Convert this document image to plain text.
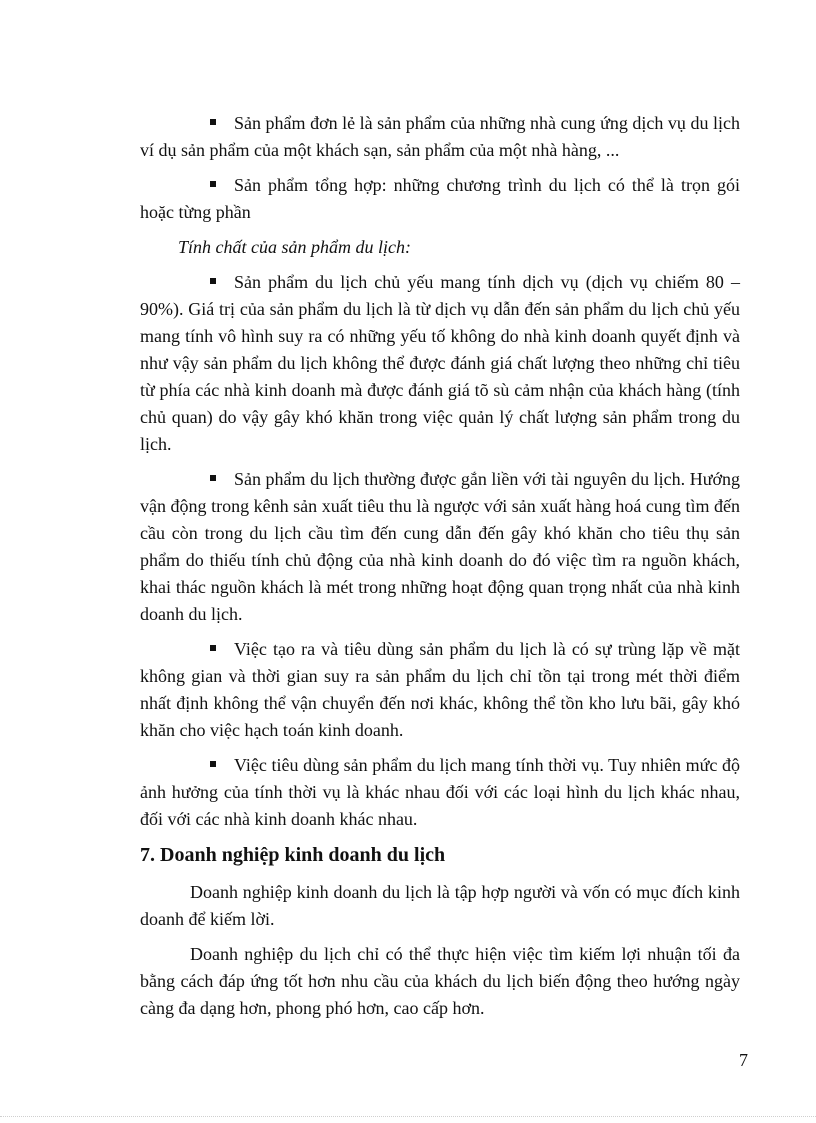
Sản phẩm đơn lẻ là sản phẩm của những nhà cung ứng dịch vụ du lịch ví dụ sản phẩm của một khách sạn, sản phẩm của một nhà hàng, ...

Sản phẩm tổng hợp: những chương trình du lịch có thể là trọn gói hoặc từng phần

Tính chất của sản phẩm du lịch:

Sản phẩm du lịch chủ yếu mang tính dịch vụ (dịch vụ chiếm 80 – 90%). Giá trị của sản phẩm du lịch là từ dịch vụ dẫn đến sản phẩm du lịch chủ yếu mang tính vô hình suy ra có những yếu tố không do nhà kinh doanh quyết định và như vậy sản phẩm du lịch không thể được đánh giá chất lượng theo những chỉ tiêu từ phía các nhà kinh doanh mà được đánh giá tõ sù cảm nhận của khách hàng (tính chủ quan) do vậy gây khó khăn trong việc quản lý chất lượng sản phẩm trong du lịch.

Sản phẩm du lịch thường được gắn liền với tài nguyên du lịch. Hướng vận động trong kênh sản xuất tiêu thu là ngược với sản xuất hàng hoá cung tìm đến cầu còn trong du lịch cầu tìm đến cung dẫn đến gây khó khăn cho tiêu thụ sản phẩm do thiếu tính chủ động của nhà kinh doanh do đó việc tìm ra nguồn khách, khai thác nguồn khách là mét trong những hoạt động quan trọng nhất của nhà kinh doanh du lịch.

Việc tạo ra và tiêu dùng sản phẩm du lịch là có sự trùng lặp về mặt không gian và thời gian suy ra sản phẩm du lịch chỉ tồn tại trong mét thời điểm nhất định không thể vận chuyển đến nơi khác, không thể tồn kho lưu bãi, gây khó khăn cho việc hạch toán kinh doanh.

Việc tiêu dùng sản phẩm du lịch mang tính thời vụ. Tuy nhiên mức độ ảnh hưởng của tính thời vụ là khác nhau đối với các loại hình du lịch khác nhau, đối với các nhà kinh doanh khác nhau.

7. Doanh nghiệp kinh doanh du lịch

Doanh nghiệp kinh doanh du lịch là tập hợp người và vốn có mục đích kinh doanh để kiếm lời.

Doanh nghiệp du lịch chỉ có thể thực hiện việc tìm kiếm lợi nhuận tối đa bằng cách đáp ứng tốt hơn nhu cầu của khách du lịch biến động theo hướng ngày càng đa dạng hơn, phong phó hơn, cao cấp hơn.

7
